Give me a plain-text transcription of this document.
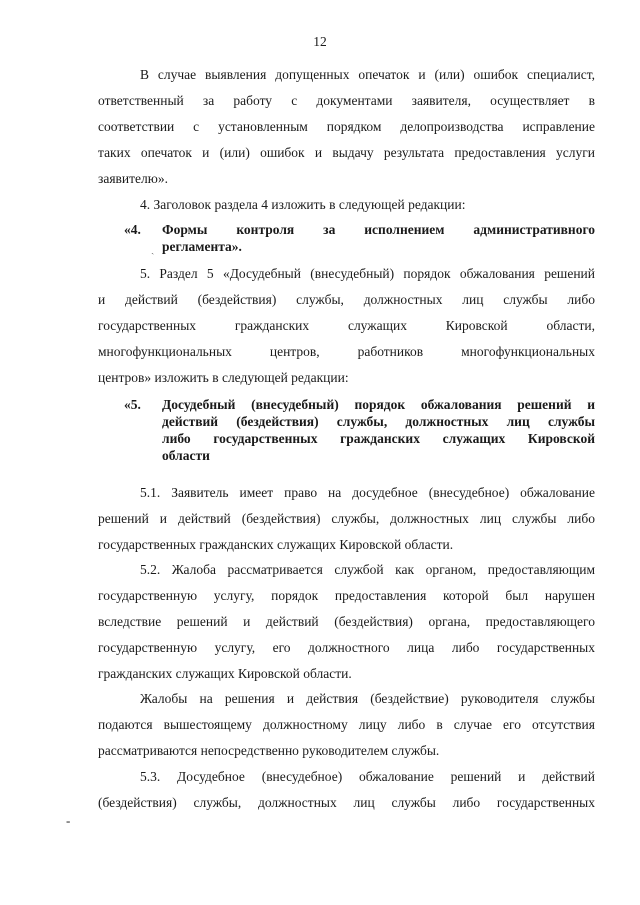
12
В случае выявления допущенных опечаток и (или) ошибок специалист,
ответственный за работу с документами заявителя, осуществляет в
соответствии с установленным порядком делопроизводства исправление
таких опечаток и (или) ошибок и выдачу результата предоставления услуги
заявителю».
4. Заголовок раздела 4 изложить в следующей редакции:
«4. Формы контроля за исполнением административного
регламента».
ˎ
5. Раздел 5 «Досудебный (внесудебный) порядок обжалования решений
и действий (бездействия) службы, должностных лиц службы либо
государственных гражданских служащих Кировской области,
многофункциональных центров, работников многофункциональных
центров» изложить в следующей редакции:
«5. Досудебный (внесудебный) порядок обжалования решений и
действий (бездействия) службы, должностных лиц службы
либо государственных гражданских служащих Кировской
области
5.1. Заявитель имеет право на досудебное (внесудебное) обжалование
решений и действий (бездействия) службы, должностных лиц службы либо
государственных гражданских служащих Кировской области.
5.2. Жалоба рассматривается службой как органом, предоставляющим
государственную услугу, порядок предоставления которой был нарушен
вследствие решений и действий (бездействия) органа, предоставляющего
государственную услугу, его должностного лица либо государственных
гражданских служащих Кировской области.
Жалобы на решения и действия (бездействие) руководителя службы
подаются вышестоящему должностному лицу либо в случае его отсутствия
рассматриваются непосредственно руководителем службы.
5.3. Досудебное (внесудебное) обжалование решений и действий
(бездействия) службы, должностных лиц службы либо государственных
-
